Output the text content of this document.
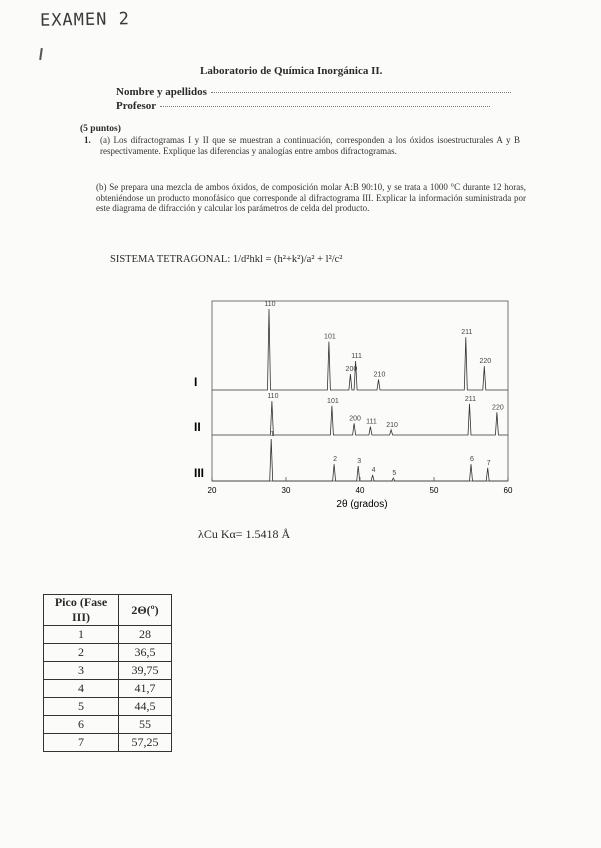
EXAMEN 2
Laboratorio de Química Inorgánica II.
Nombre y apellidos
Profesor
(5 puntos)
1. (a) Los difractogramas I y II que se muestran a continuación, corresponden a los óxidos isoestructurales A y B respectivamente. Explique las diferencias y analogías entre ambos difractogramas.
(b) Se prepara una mezcla de ambos óxidos, de composición molar A:B 90:10, y se trata a 1000 °C durante 12 horas, obteniéndose un producto monofásico que corresponde al difractograma III. Explicar la información suministrada por este diagrama de difracción y calcular los parámetros de celda del producto.
SISTEMA TETRAGONAL: 1/d²hkl = (h²+k²)/a² + l²/c²
110
101
200
111
210
211
220
I
110
101
200 111 210
211
220
II
1
2	3
4 5
6
7
III
20	30	40	50	60
2θ (grados)
λCu Kα= 1.5418 Å
Pico (Fase III)	2Θ(º)
1	28
2	36,5
3	39,75
4	41,7
5	44,5
6	55
7	57,25
